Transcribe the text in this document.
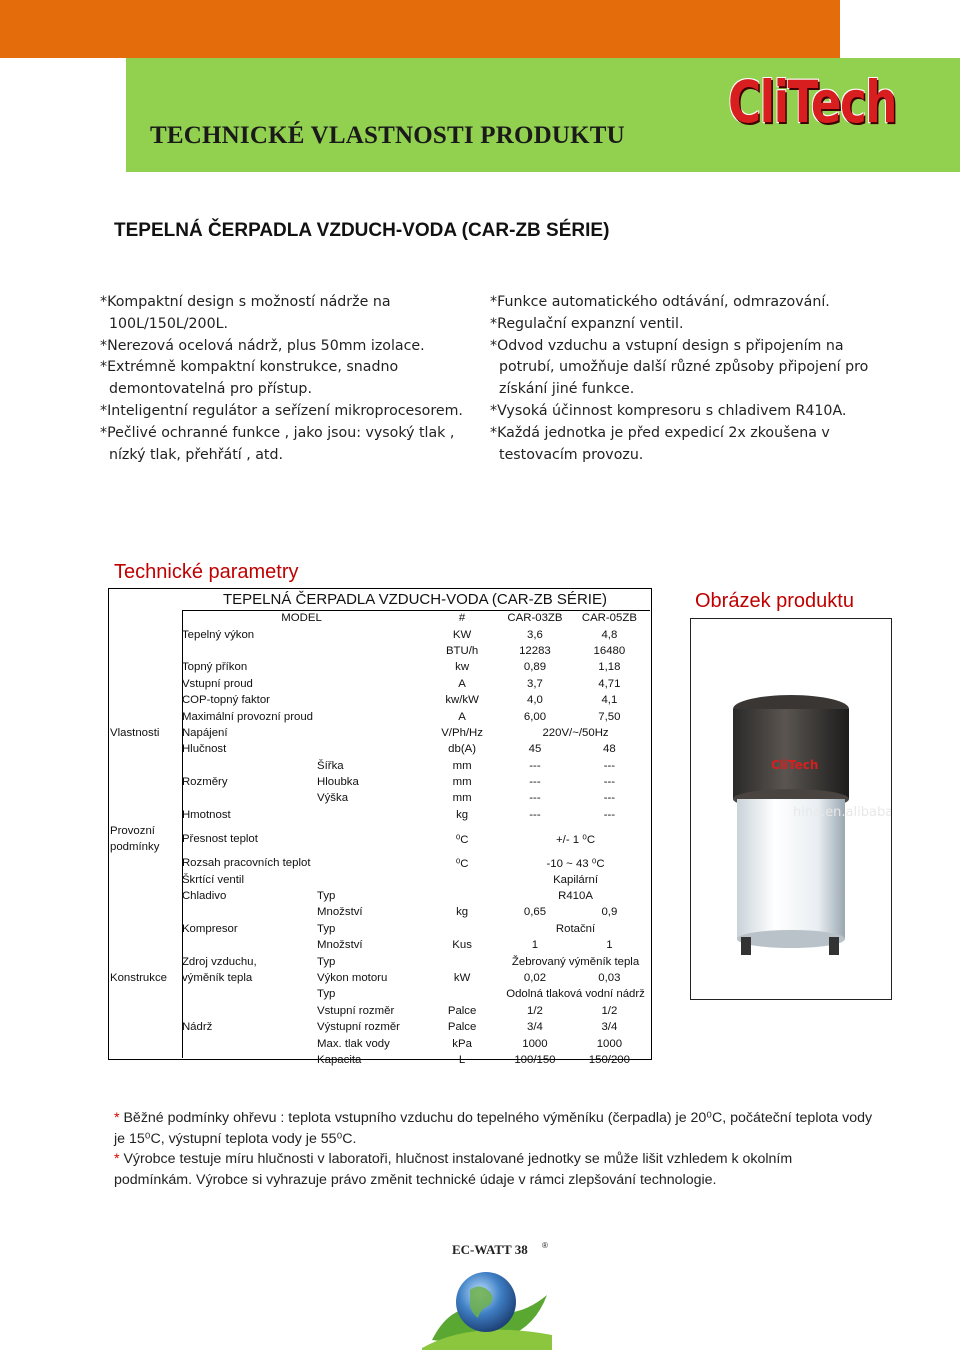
TECHNICKÉ VLASTNOSTI PRODUKTU CliTech
TEPELNÁ ČERPADLA VZDUCH-VODA (CAR-ZB SÉRIE)

*Kompaktní design s možností nádrže na 100L/150L/200L.

*Nerezová ocelová nádrž, plus 50mm izolace.

*Extrémně kompaktní konstrukce, snadno demontovatelná pro přístup.

*Inteligentní regulátor a seřízení mikroprocesorem.

*Pečlivé ochranné funkce , jako jsou: vysoký tlak , nízký tlak, přehřátí , atd.

*Funkce automatického odtávání, odmrazování.

*Regulační expanzní ventil.

*Odvod vzduchu a vstupní design s připojením na potrubí, umožňuje další různé způsoby připojení pro získání jiné funkce.

*Vysoká účinnost kompresoru s chladivem R410A.

*Každá jednotka je před expedicí 2x zkoušena v testovacím provozu.

Technické parametry
Obrázek produktu
	TEPELNÁ ČERPADLA VZDUCH-VODA (CAR-ZB SÉRIE)				
	MODEL		#	CAR-03ZB	CAR-05ZB
	Tepelný výkon		KW	3,6	4,8
			BTU/h	12283	16480
	Topný příkon		kw	0,89	1,18
	Vstupní proud		A	3,7	4,71
	COP-topný faktor		kw/kW	4,0	4,1
	Maximální provozní proud		A	6,00	7,50
Vlastnosti	Napájení		V/Ph/Hz	220V/~/50Hz	
	Hlučnost		db(A)	45	48
		Šířka	mm	---	---
	Rozměry	Hloubka	mm	---	---
		Výška	mm	---	---
	Hmotnost		kg	---	---
Provozní podmínky	Přesnost teplot		⁰C	+/- 1 ⁰C	
	Rozsah pracovních teplot		⁰C	-10 ~ 43 ⁰C	
	Škrtící ventil			Kapilární	
	Chladivo	Typ		R410A	
		Množství	kg	0,65	0,9
	Kompresor	Typ		Rotační	
		Množství	Kus	1	1
	Zdroj vzduchu,	Typ		Žebrovaný výměník tepla	
Konstrukce	výměník tepla	Výkon motoru	kW	0,02	0,03
		Typ		Odolná tlaková vodní nádrž	
		Vstupní rozměr	Palce	1/2	1/2
	Nádrž	Výstupní rozměr	Palce	3/4	3/4
		Max. tlak vody	kPa	1000	1000
		Kapacita	L	100/150	150/200
CliTech
hina.en.alibaba

* Běžné podmínky ohřevu : teplota vstupního vzduchu do tepelného výměníku (čerpadla) je 20⁰C, počáteční teplota vody je 15⁰C, výstupní teplota vody je 55⁰C.

* Výrobce testuje míru hlučnosti v laboratoři, hlučnost instalované jednotky se může lišit vzhledem k okolním podmínkám. Výrobce si vyhrazuje právo změnit technické údaje v rámci zlepšování technologie.

EC-WATT 38 ®
